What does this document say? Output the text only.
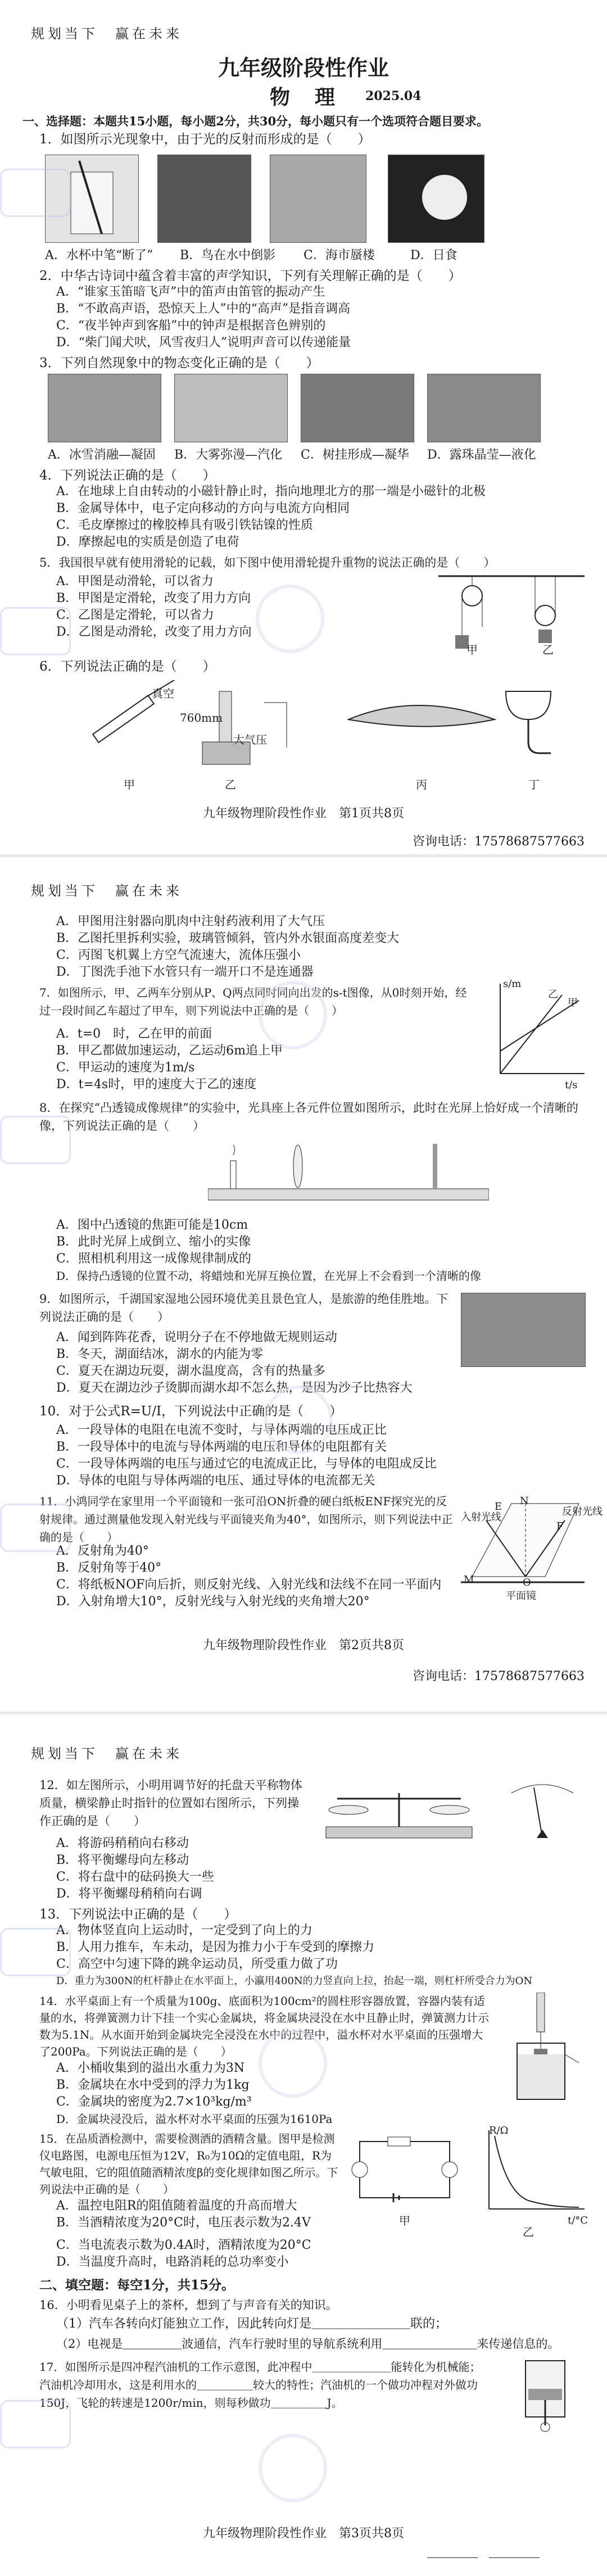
规划当下　赢在未来
九年级阶段性作业
物　理	2025.04
一、选择题：本题共15小题，每小题2分，共30分，每小题只有一个选项符合题目要求。
1．如图所示光现象中，由于光的反射而形成的是（　　）
A．水杯中笔“断了” B．鸟在水中倒影 C．海市蜃楼	D．日食
2．中华古诗词中蕴含着丰富的声学知识，下列有关理解正确的是（　　）
A．“谁家玉笛暗飞声”中的笛声由笛管的振动产生
B．“不敢高声语，恐惊天上人”中的“高声”是指音调高
C．“夜半钟声到客船”中的钟声是根据音色辨别的
D．“柴门闻犬吠，风雪夜归人”说明声音可以传递能量
3．下列自然现象中的物态变化正确的是（　　）
A．冰雪消融—凝固 B．大雾弥漫—汽化 C．树挂形成—凝华 D．露珠晶莹—液化
4．下列说法正确的是（　　）
A．在地球上自由转动的小磁针静止时，指向地理北方的那一端是小磁针的北极
B．金属导体中，电子定向移动的方向与电流方向相同
C．毛皮摩擦过的橡胶棒具有吸引铁钴镍的性质
D．摩擦起电的实质是创造了电荷
5．我国很早就有使用滑轮的记载，如下图中使用滑轮提升重物的说法正确的是（　　）
A．甲图是动滑轮，可以省力
B．甲图是定滑轮，改变了用力方向
C．乙图是定滑轮，可以省力
D．乙图是动滑轮，改变了用力方向
甲	乙
6．下列说法正确的是（　　）
真空
760mm
大气压
甲	乙	丙	丁
九年级物理阶段性作业　第1页共8页
咨询电话：17578687577663
规划当下　赢在未来
A．甲图用注射器向肌肉中注射药液利用了大气压
B．乙图托里拆利实验，玻璃管倾斜，管内外水银面高度差变大
C．丙图飞机翼上方空气流速大，流体压强小
D．丁图洗手池下水管只有一端开口不是连通器
7．如图所示，甲、乙两车分别从P、Q两点同时同向出发的s-t图像，从0时刻开始，经过一段时间乙车超过了甲车，则下列说法中正确的是（　　）
A．t=0　时，乙在甲的前面
B．甲乙都做加速运动，乙运动6m追上甲
C．甲运动的速度为1m/s
D．t=4s时，甲的速度大于乙的速度
s/m
t/s
甲
乙
8．在探究“凸透镜成像规律”的实验中，光具座上各元件位置如图所示，此时在光屏上恰好成一个清晰的像，下列说法正确的是（　　）
A．图中凸透镜的焦距可能是10cm
B．此时光屏上成倒立、缩小的实像
C．照相机利用这一成像规律制成的
D．保持凸透镜的位置不动，将蜡烛和光屏互换位置，在光屏上不会看到一个清晰的像
9．如图所示，千湖国家湿地公园环境优美且景色宜人，是旅游的绝佳胜地。下列说法正确的是（　　）
A．闻到阵阵花香，说明分子在不停地做无规则运动
B．冬天，湖面结冰，湖水的内能为零
C．夏天在湖边玩耍，湖水温度高，含有的热量多
D．夏天在湖边沙子烫脚而湖水却不怎么热，是因为沙子比热容大
10．对于公式R=U/I，下列说法中正确的是（　　）
A．一段导体的电阻在电流不变时，与导体两端的电压成正比
B．一段导体中的电流与导体两端的电压和导体的电阻都有关
C．一段导体两端的电压与通过它的电流成正比，与导体的电阻成反比
D．导体的电阻与导体两端的电压、通过导体的电流都无关
11．小鸿同学在家里用一个平面镜和一张可沿ON折叠的硬白纸板ENF探究光的反射规律。通过测量他发现入射光线与平面镜夹角为40°，如图所示，则下列说法中正确的是（　　）
A．反射角为40°
B．反射角等于40°
C．将纸板NOF向后折，则反射光线、入射光线和法线不在同一平面内
D．入射角增大10°，反射光线与入射光线的夹角增大20°
入射光线	反射光线
平面镜
E N
F
O
M
九年级物理阶段性作业　第2页共8页
咨询电话：17578687577663
规划当下　赢在未来
12．如左图所示，小明用调节好的托盘天平称物体质量，横梁静止时指针的位置如右图所示，下列操作正确的是（　　）
A．将游码稍稍向右移动
B．将平衡螺母向左移动
C．将右盘中的砝码换大一些
D．将平衡螺母稍稍向右调
13．下列说法中正确的是（　　）
A．物体竖直向上运动时，一定受到了向上的力
B．人用力推车，车未动，是因为推力小于车受到的摩擦力
C．高空中匀速下降的跳伞运动员，所受重力做了功
D．重力为300N的杠杆静止在水平面上，小瀛用400N的力竖直向上拉，抬起一端，则杠杆所受合力为ON
14．水平桌面上有一个质量为100g、底面积为100cm²的圆柱形容器放置，容器内装有适量的水，将弹簧测力计下挂一个实心金属块，将金属块浸没在水中且静止时，弹簧测力计示数为5.1N。从水面开始到金属块完全浸没在水中的过程中，溢水杯对水平桌面的压强增大了200Pa。下列说法正确的是（　　）
A．小桶收集到的溢出水重力为3N
B．金属块在水中受到的浮力为1kg
C．金属块的密度为2.7×10³kg/m³
D．金属块浸没后，溢水杯对水平桌面的压强为1610Pa
15．在品质酒检测中，需要检测酒的酒精含量。图甲是检测仪电路图，电源电压恒为12V，R₀为10Ω的定值电阻，R为气敏电阻，它的阻值随酒精浓度β的变化规律如图乙所示。下列说法中正确的是（　　）
R/Ω
t/°C
甲
乙
A．温控电阻R的阻值随着温度的升高而增大
B．当酒精浓度为20°C时，电压表示数为2.4V
C．当电流表示数为0.4A时，酒精浓度为20°C
D．当温度升高时，电路消耗的总功率变小
二、填空题：每空1分，共15分。
16．小明看见桌子上的茶杯，想到了与声音有关的知识。
（1）汽车各转向灯能独立工作，因此转向灯是＿＿＿＿＿＿＿＿联的；
（2）电视是＿＿＿＿＿波通信，汽车行驶时里的导航系统利用＿＿＿＿＿＿＿＿来传递信息的。
17．如图所示是四冲程汽油机的工作示意图，此冲程中＿＿＿＿＿＿＿能转化为机械能；汽油机冷却用水，这是利用水的＿＿＿＿＿较大的特性；汽油机的一个做功冲程对外做功150J，飞轮的转速是1200r/min，则每秒做功＿＿＿＿＿J。
九年级物理阶段性作业　第3页共8页
